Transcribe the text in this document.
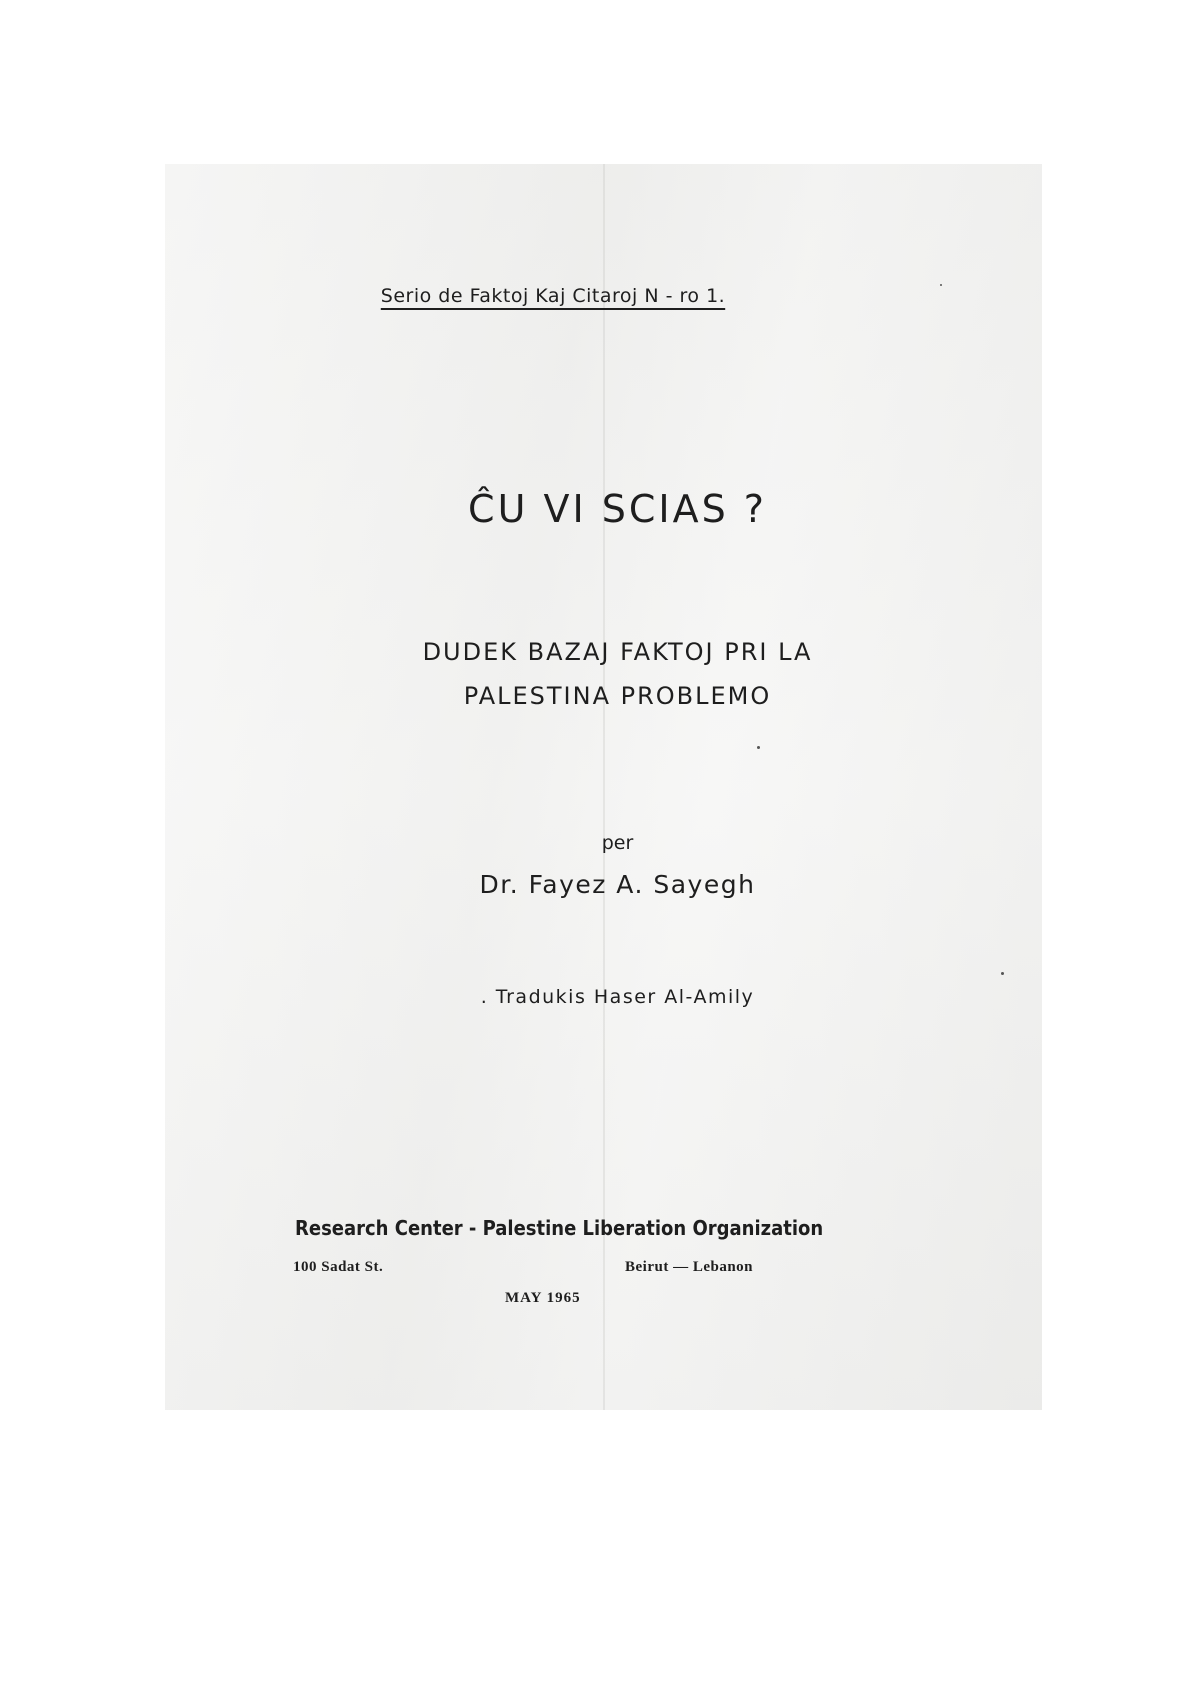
Serio de Faktoj Kaj Citaroj N - ro 1.
ĈU VI SCIAS ?
DUDEK BAZAJ FAKTOJ PRI LA
PALESTINA PROBLEMO
per
Dr. Fayez A. Sayegh
. Tradukis Haser Al-Amily
Research Center - Palestine Liberation Organization
100 Sadat St.	Beirut — Lebanon
MAY 1965
